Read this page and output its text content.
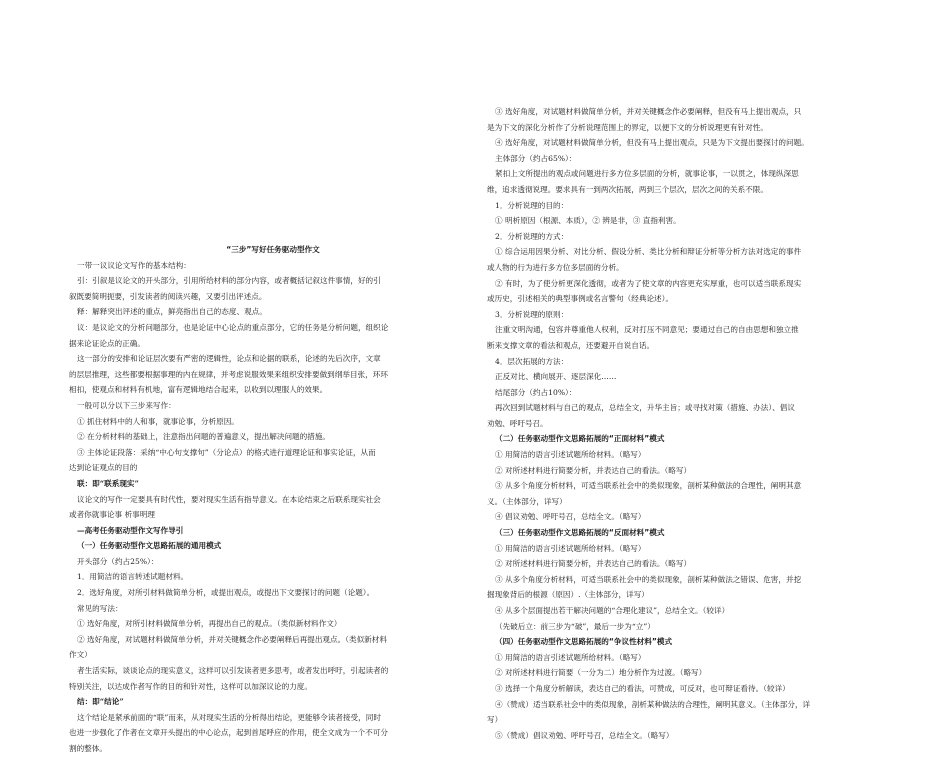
“三步”写好任务驱动型作文
一带一议议论文写作的基本结构：
引：引叙是议论文的开头部分，引用所给材料的部分内容，或者概括记叙这件事情，好的引
叙既要简明扼要，引发读者的阅读兴趣，又要引出评述点。
释：解释突出评述的重点，鲜亮指出自己的态度、观点。
议：是议论文的分析问题部分，也是论证中心论点的重点部分，它的任务是分析问题，组织论
据来论证论点的正确。
这一部分的安排和论证层次要有严密的逻辑性，论点和论据的联系，论述的先后次序，文章
的层层推理，这些都要根据事理的内在规律，并考虑说服效果来组织安排要做到纲举目张，环环
相扣，使观点和材料有机地，富有逻辑地结合起来，以收到以理服人的效果。
一般可以分以下三步来写作：
① 抓住材料中的人和事，就事论事，分析原因。
② 在分析材料的基础上，注意指出问题的普遍意义，提出解决问题的措施。
③ 主体论证段落：采纳“中心句支撑句”（分论点）的格式进行道理论证和事实论证，从而
达到论证观点的目的
联：即“联系现实”
议论文的写作一定要具有时代性，要对现实生活有指导意义。在本论结束之后联系现实社会
或者你就事论事 析事明理
—高考任务驱动型作文写作导引
（一）任务驱动型作文思路拓展的通用模式
开头部分（约占25%）：
1．用简洁的语言转述试题材料。
2．选好角度，对所引材料做简单分析，或提出观点，或提出下文要探讨的问题（论题）。
常见的写法：
① 选好角度，对所引材料做简单分析，再提出自己的观点。（类似新材料作文）
② 选好角度，对试题材料做简单分析，并对关键概念作必要阐释后再提出观点。（类似新材料
作文）
者生活实际，谈谈论点的现实意义，这样可以引发读者更多思考，或者发出呼吁，引起读者的
特别关注，以达成作者写作的目的和针对性，这样可以加深议论的力度。
结：即“结论”
这个结论是紧承前面的“联”而来，从对现实生活的分析得出结论，更能够令读者接受，同时
也进一步强化了作者在文章开头提出的中心论点，起到首尾呼应的作用，使全文成为一个不可分
割的整体。
③ 选好角度，对试题材料做简单分析，并对关键概念作必要阐释，但没有马上提出观点，只
是为下文的深化分析作了分析说理范围上的界定，以便下文的分析说理更有针对性。
④ 选好角度，对试题材料做简单分析，但没有马上提出观点，只是为下文提出要探讨的问题。
主体部分（约占65%）：
紧扣上文所提出的观点或问题进行多方位多层面的分析，就事论事，一以贯之，体现纵深思
维，追求透彻说理。要求具有一到两次拓展，两到三个层次，层次之间的关系不限。
1．分析说理的目的：
① 明析原因（根源、本质），② 辨是非，③ 直指利害。
2．分析说理的方式：
① 综合运用因果分析、对比分析、假设分析、类比分析和辩证分析等分析方法对选定的事件
或人物的行为进行多方位多层面的分析。
② 有时，为了使分析更深化透彻，或者为了使文章的内容更充实厚重，也可以适当联系现实
或历史，引述相关的典型事例或名言警句（经典论述）。
3．分析说理的原则：
注重文明沟通，包容并尊重他人权利，反对打压不同意见；要通过自己的自由思想和独立推
断来支撑文章的看法和观点，还要避开自说自话。
4．层次拓展的方法：
正反对比、横向展开、逐层深化……
结尾部分（约占10%）：
再次回到试题材料与自己的观点，总结全文，升华主旨；或寻找对策（措施、办法）、倡议
劝勉、呼吁号召。
（二）任务驱动型作文思路拓展的“正面材料”模式
① 用简洁的语言引述试题所给材料。（略写）
② 对所述材料进行简要分析，并表达自己的看法。（略写）
③ 从多个角度分析材料，可适当联系社会中的类似现象，剖析某种做法的合理性，阐明其意
义。（主体部分，详写）
④ 倡议劝勉、呼吁号召，总结全文。（略写）
（三）任务驱动型作文思路拓展的“反面材料”模式
① 用简洁的语言引述试题所给材料。（略写）
② 对所述材料进行简要分析，并表达自己的看法。（略写）
③ 从多个角度分析材料，可适当联系社会中的类似现象，剖析某种做法之错误、危害，并挖
掘现象背后的根源（原因）.（主体部分，详写）
④ 从多个层面提出若干解决问题的“合理化建议”，总结全文。（较详）
（先破后立：前三步为“破”，最后一步为“立”）
（四）任务驱动型作文思路拓展的“争议性材料”模式
① 用简洁的语言引述试题所给材料。（略写）
② 对所述材料进行简要（一分为二）地分析作为过渡。（略写）
③ 选择一个角度分析解读，表达自己的看法，可赞成，可反对，也可辩证看待。（较详）
④（赞成）适当联系社会中的类似现象，剖析某种做法的合理性，阐明其意义。（主体部分，详
写）
⑤（赞成）倡议劝勉、呼吁号召，总结全文。（略写）
